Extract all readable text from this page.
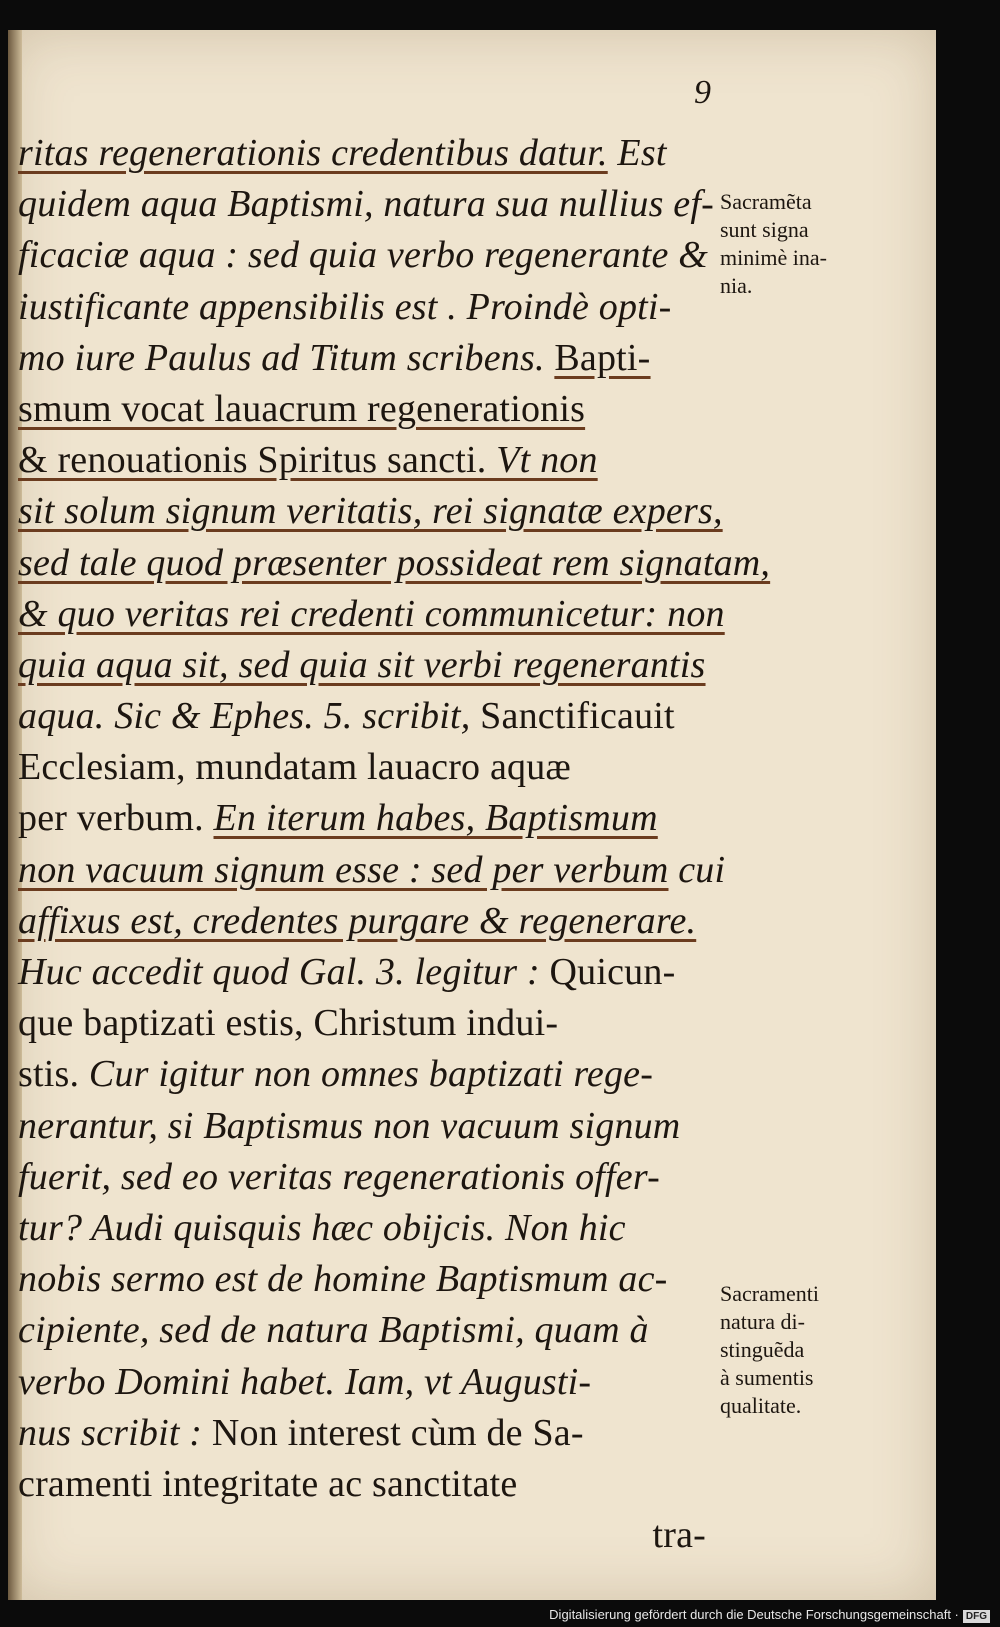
9
ritas regenerationis credentibus datur. Est
quidem aqua Baptismi, natura sua nullius ef-
ficaciæ aqua : sed quia verbo regenerante &
iustificante appensibilis est . Proindè opti-
mo iure Paulus ad Titum scribens. Bapti-
smum vocat lauacrum regenerationis
& renouationis Spiritus sancti. Vt non
sit solum signum veritatis, rei signatæ expers,
sed tale quod præsenter possideat rem signatam,
& quo veritas rei credenti communicetur: non
quia aqua sit, sed quia sit verbi regenerantis
aqua. Sic & Ephes. 5. scribit, Sanctificauit
Ecclesiam, mundatam lauacro aquæ
per verbum. En iterum habes, Baptismum
non vacuum signum esse : sed per verbum cui
affixus est, credentes purgare & regenerare.
Huc accedit quod Gal. 3. legitur : Quicun-
que baptizati estis, Christum indui-
stis. Cur igitur non omnes baptizati rege-
nerantur, si Baptismus non vacuum signum
fuerit, sed eo veritas regenerationis offer-
tur? Audi quisquis hæc obijcis. Non hic
nobis sermo est de homine Baptismum ac-
cipiente, sed de natura Baptismi, quam à
verbo Domini habet. Iam, vt Augusti-
nus scribit : Non interest cùm de Sa-
cramenti integritate ac sanctitate
tra-
Sacramẽta
sunt signa
minimè ina-
nia.
Sacramenti
natura di-
stinguẽda
à sumentis
qualitate.
Digitalisierung gefördert durch die Deutsche Forschungsgemeinschaft · DFG
